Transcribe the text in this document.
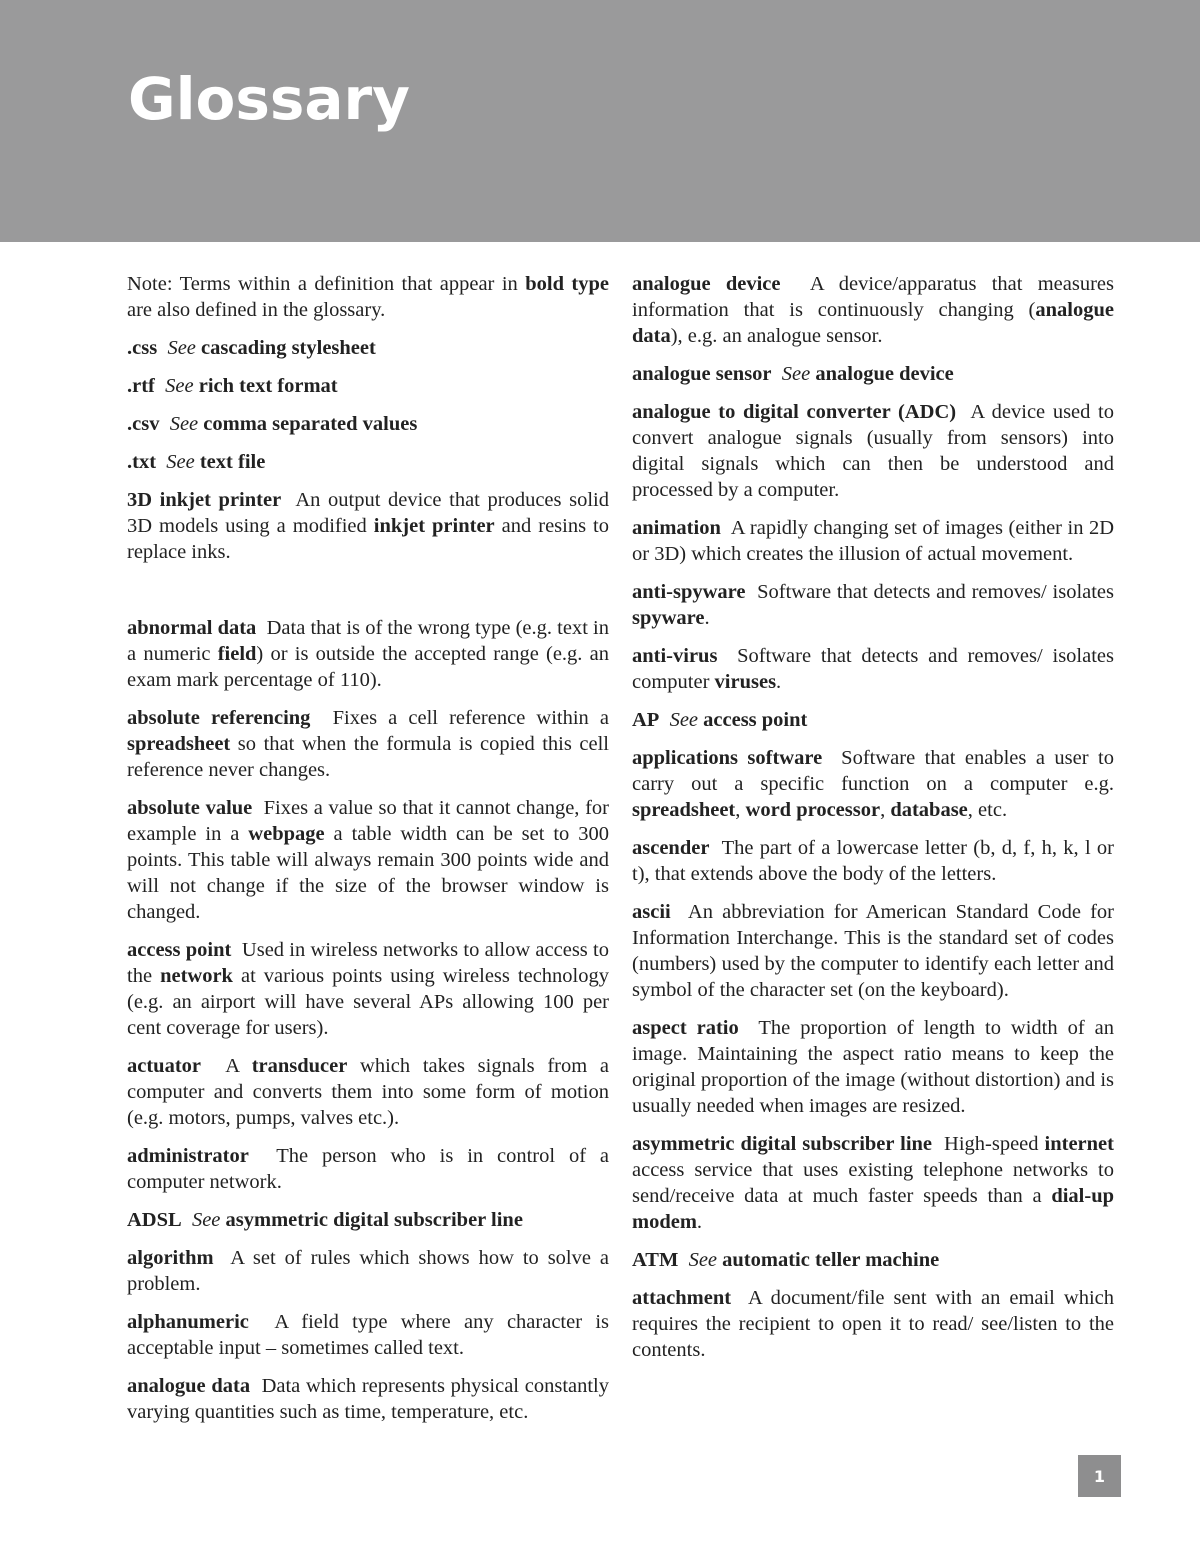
Glossary

Note: Terms within a definition that appear in bold type are also defined in the glossary.

.css See cascading stylesheet

.rtf See rich text format

.csv See comma separated values

.txt See text file

3D inkjet printer An output device that produces solid 3D models using a modified inkjet printer and resins to replace inks.

abnormal data Data that is of the wrong type (e.g. text in a numeric field) or is outside the accepted range (e.g. an exam mark percentage of 110).

absolute referencing Fixes a cell reference within a spreadsheet so that when the formula is copied this cell reference never changes.

absolute value Fixes a value so that it cannot change, for example in a webpage a table width can be set to 300 points. This table will always remain 300 points wide and will not change if the size of the browser window is changed.

access point Used in wireless networks to allow access to the network at various points using wireless technology (e.g. an airport will have several APs allowing 100 per cent coverage for users).

actuator A transducer which takes signals from a computer and converts them into some form of motion (e.g. motors, pumps, valves etc.).

administrator The person who is in control of a computer network.

ADSL See asymmetric digital subscriber line

algorithm A set of rules which shows how to solve a problem.

alphanumeric A field type where any character is acceptable input – sometimes called text.

analogue data Data which represents physical constantly varying quantities such as time, temperature, etc.

analogue device A device/apparatus that measures information that is continuously changing (analogue data), e.g. an analogue sensor.

analogue sensor See analogue device

analogue to digital converter (ADC) A device used to convert analogue signals (usually from sensors) into digital signals which can then be understood and processed by a computer.

animation A rapidly changing set of images (either in 2D or 3D) which creates the illusion of actual movement.

anti-spyware Software that detects and removes/ isolates spyware.

anti-virus Software that detects and removes/ isolates computer viruses.

AP See access point

applications software Software that enables a user to carry out a specific function on a computer e.g. spreadsheet, word processor, database, etc.

ascender The part of a lowercase letter (b, d, f, h, k, l or t), that extends above the body of the letters.

ascii An abbreviation for American Standard Code for Information Interchange. This is the standard set of codes (numbers) used by the computer to identify each letter and symbol of the character set (on the keyboard).

aspect ratio The proportion of length to width of an image. Maintaining the aspect ratio means to keep the original proportion of the image (without distortion) and is usually needed when images are resized.

asymmetric digital subscriber line High-speed internet access service that uses existing telephone networks to send/receive data at much faster speeds than a dial-up modem.

ATM See automatic teller machine

attachment A document/file sent with an email which requires the recipient to open it to read/ see/listen to the contents.

1
